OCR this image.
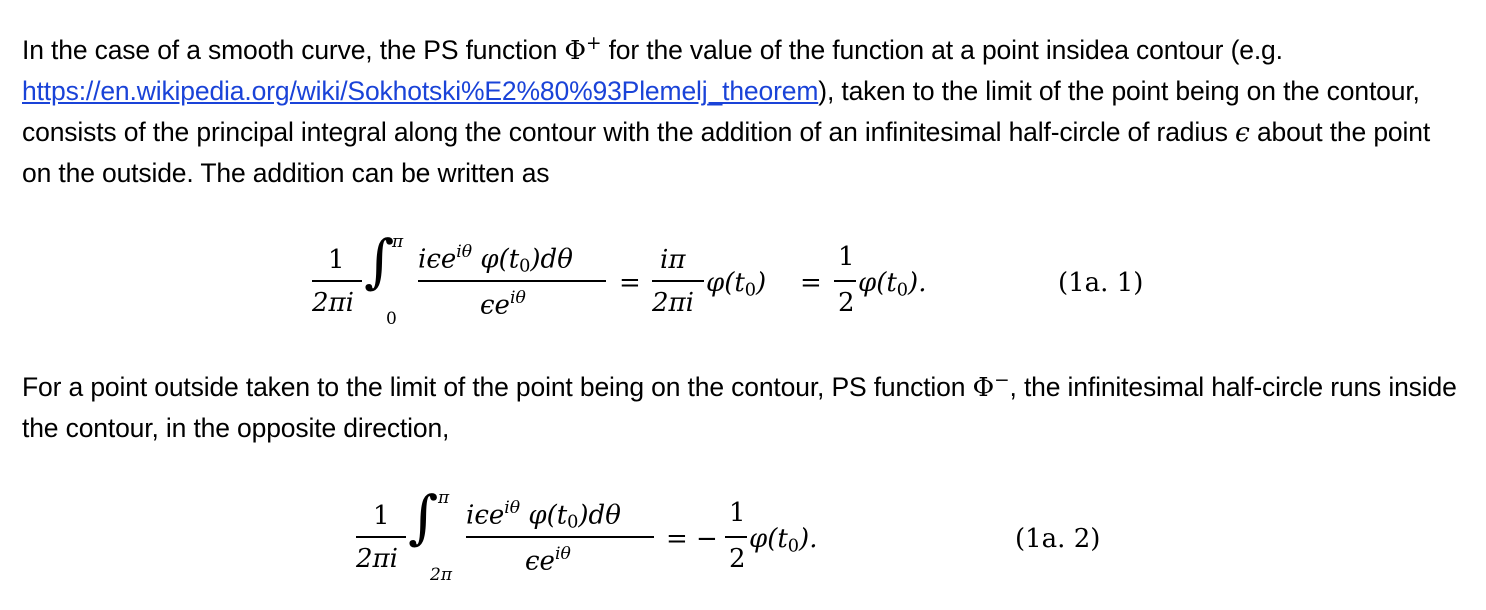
In the case of a smooth curve, the PS function Φ+ for the value of the function at a point insidea contour (e.g. https://en.wikipedia.org/wiki/Sokhotski%E2%80%93Plemelj_theorem), taken to the limit of the point being on the contour, consists of the principal integral along the contour with the addition of an infinitesimal half-circle of radius ϵ about the point on the outside. The addition can be written as
1
2πi
∫
π
0
iϵe$^{i\theta}$ $\varphi(t_0)d\theta$
$\epsilon e^{i\theta}$	=
iπ
2πi
$\varphi(t_0)$ =
1
2
$\varphi(t_0)$.	(1a. 1)
For a point outside taken to the limit of the point being on the contour, PS function Φ−, the infinitesimal half-circle runs inside the contour, in the opposite direction,
1
2πi
∫ π
2π
iϵe$^{i\theta}$ $\varphi(t_0)d\theta$
$\epsilon e^{i\theta}$	= −
1
2
$\varphi(t_0)$.	(1a. 2)
